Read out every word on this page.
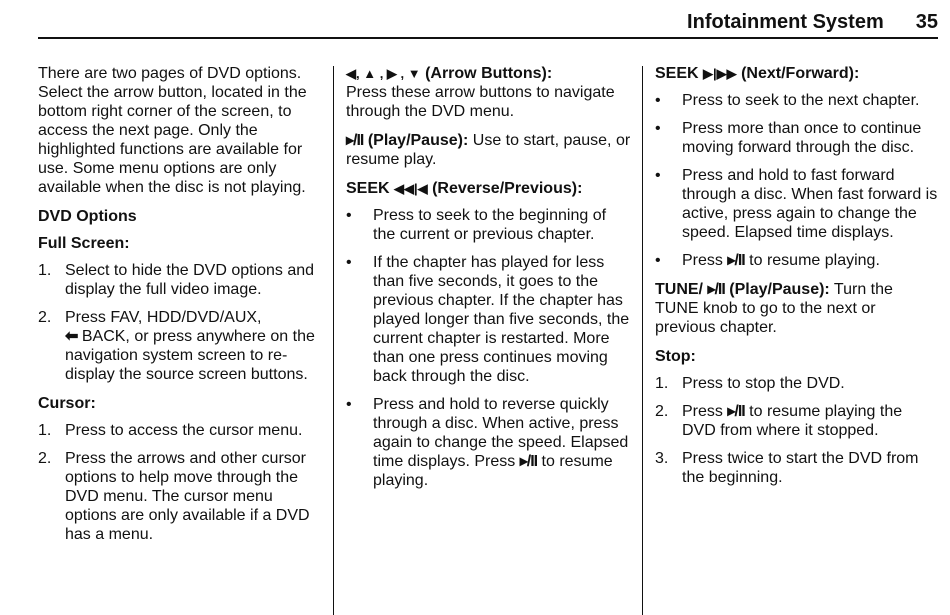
Infotainment System 35

There are two pages of DVD options. Select the arrow button, located in the bottom right corner of the screen, to access the next page. Only the highlighted functions are available for use. Some menu options are only available when the disc is not playing.

DVD Options
Full Screen:
1. Select to hide the DVD options and display the full video image.
2. Press FAV, HDD/DVD/AUX,
⬅ BACK, or press anywhere on the navigation system screen to re-display the source screen buttons.
Cursor:
1. Press to access the cursor menu.
2. Press the arrows and other cursor options to help move through the DVD menu. The cursor menu options are only available if a DVD has a menu.

◀, ▲ , ▶ , ▼ (Arrow Buttons):
Press these arrow buttons to navigate through the DVD menu.

▸/II (Play/Pause): Use to start, pause, or resume play.

SEEK ◀◀|◀ (Reverse/Previous):
• Press to seek to the beginning of the current or previous chapter.
• If the chapter has played for less than five seconds, it goes to the previous chapter. If the chapter has played longer than five seconds, the current chapter is restarted. More than one press continues moving back through the disc.
• Press and hold to reverse quickly through a disc. When active, press again to change the speed. Elapsed time displays. Press ▸/II to resume playing.
SEEK ▶|▶▶ (Next/Forward):
• Press to seek to the next chapter.
• Press more than once to continue moving forward through the disc.
• Press and hold to fast forward through a disc. When fast forward is active, press again to change the speed. Elapsed time displays.
• Press ▸/II to resume playing.

TUNE/ ▸/II (Play/Pause): Turn the TUNE knob to go to the next or previous chapter.

Stop:
1. Press to stop the DVD.
2. Press ▸/II to resume playing the DVD from where it stopped.
3. Press twice to start the DVD from the beginning.
